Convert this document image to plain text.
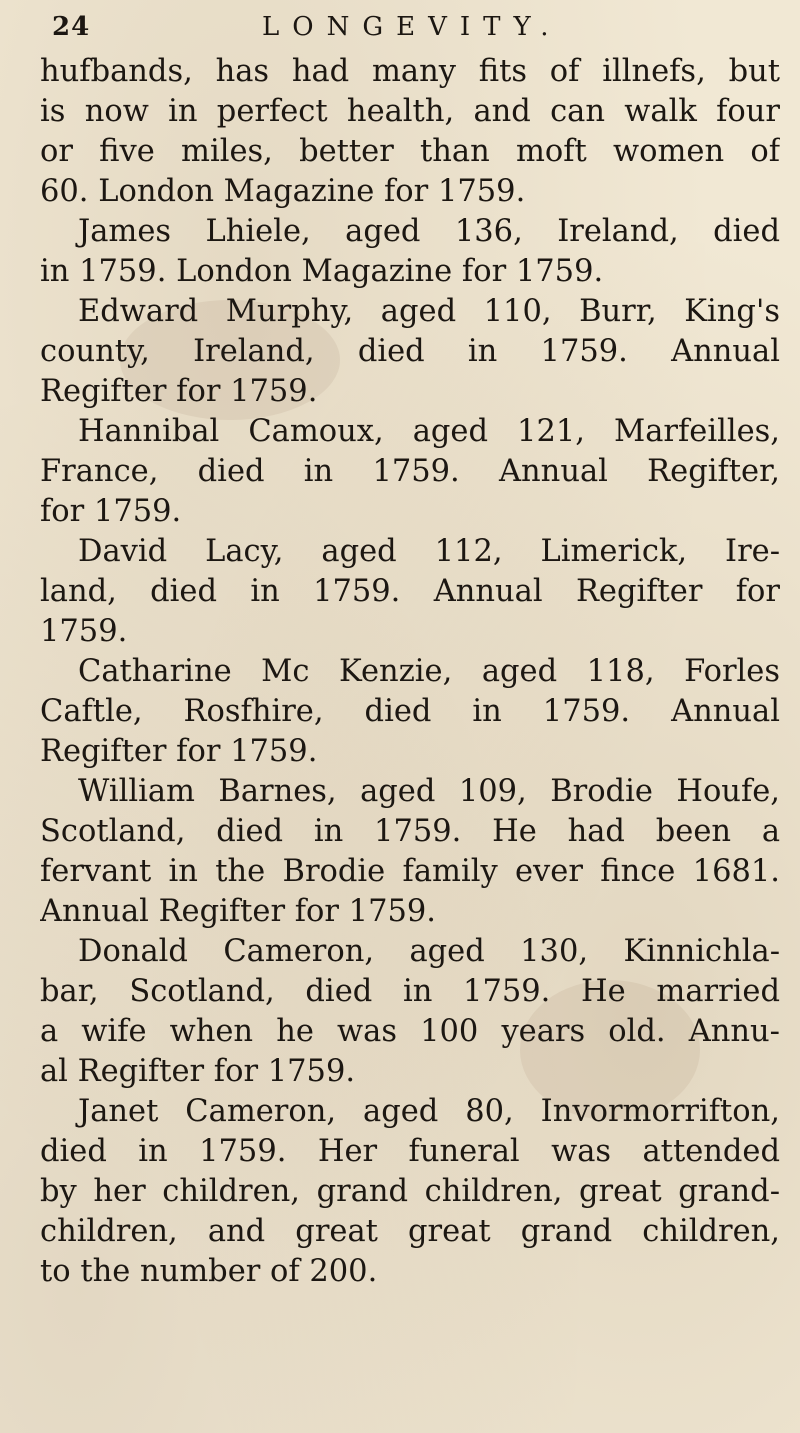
24	LONGEVITY.
hufbands, has had many fits of illnefs, but
is now in perfect health, and can walk four
or five miles, better than moft women of
60. London Magazine for 1759.
James Lhiele, aged 136, Ireland, died
in 1759. London Magazine for 1759.
Edward Murphy, aged 110, Burr, King's
county, Ireland, died in 1759. Annual
Regifter for 1759.
Hannibal Camoux, aged 121, Marfeilles,
France, died in 1759. Annual Regifter,
for 1759.
David Lacy, aged 112, Limerick, Ire-
land, died in 1759. Annual Regifter for
1759.
Catharine Mc Kenzie, aged 118, Forles
Caftle, Rosfhire, died in 1759. Annual
Regifter for 1759.
William Barnes, aged 109, Brodie Houfe,
Scotland, died in 1759. He had been a
fervant in the Brodie family ever fince 1681.
Annual Regifter for 1759.
Donald Cameron, aged 130, Kinnichla-
bar, Scotland, died in 1759. He married
a wife when he was 100 years old. Annu-
al Regifter for 1759.
Janet Cameron, aged 80, Invormorrifton,
died in 1759. Her funeral was attended
by her children, grand children, great grand-
children, and great great grand children,
to the number of 200.
